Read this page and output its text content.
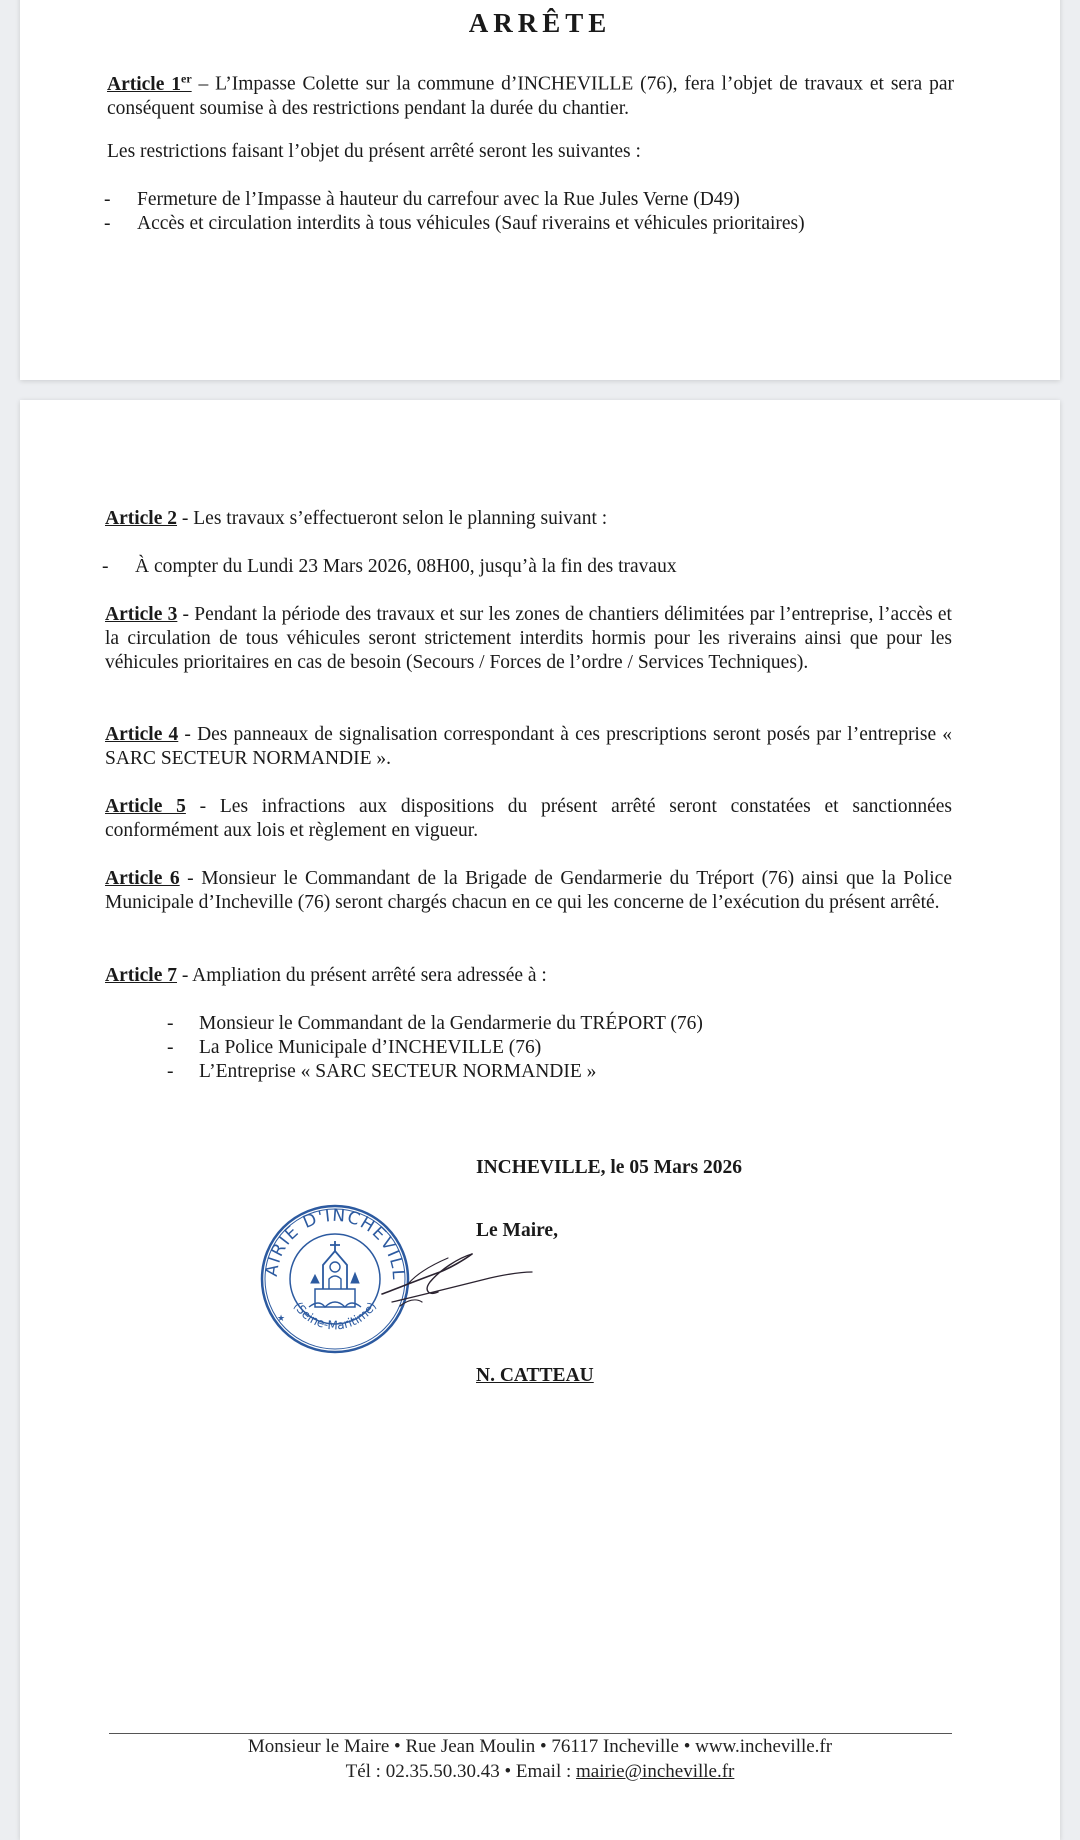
ARRÊTE
Article 1er – L’Impasse Colette sur la commune d’INCHEVILLE (76), fera l’objet de travaux et sera par conséquent soumise à des restrictions pendant la durée du chantier.
Les restrictions faisant l’objet du présent arrêté seront les suivantes :
- Fermeture de l’Impasse à hauteur du carrefour avec la Rue Jules Verne (D49)
- Accès et circulation interdits à tous véhicules (Sauf riverains et véhicules prioritaires)
Article 2 - Les travaux s’effectueront selon le planning suivant :
- À compter du Lundi 23 Mars 2026, 08H00, jusqu’à la fin des travaux
Article 3 - Pendant la période des travaux et sur les zones de chantiers délimitées par l’entreprise, l’accès et la circulation de tous véhicules seront strictement interdits hormis pour les riverains ainsi que pour les véhicules prioritaires en cas de besoin (Secours / Forces de l’ordre / Services Techniques).
Article 4 - Des panneaux de signalisation correspondant à ces prescriptions seront posés par l’entreprise « SARC SECTEUR NORMANDIE ».
Article 5 - Les infractions aux dispositions du présent arrêté seront constatées et sanctionnées conformément aux lois et règlement en vigueur.
Article 6 - Monsieur le Commandant de la Brigade de Gendarmerie du Tréport (76) ainsi que la Police Municipale d’Incheville (76) seront chargés chacun en ce qui les concerne de l’exécution du présent arrêté.
Article 7 - Ampliation du présent arrêté sera adressée à :
- Monsieur le Commandant de la Gendarmerie du TRÉPORT (76)
- La Police Municipale d’INCHEVILLE (76)
- L’Entreprise « SARC SECTEUR NORMANDIE »
INCHEVILLE, le 05 Mars 2026
Le Maire,
N. CATTEAU
AIRIE D'INCHEVILL
(Seine-Maritime)
★
Monsieur le Maire • Rue Jean Moulin • 76117 Incheville • www.incheville.fr
Tél : 02.35.50.30.43 • Email : mairie@incheville.fr
